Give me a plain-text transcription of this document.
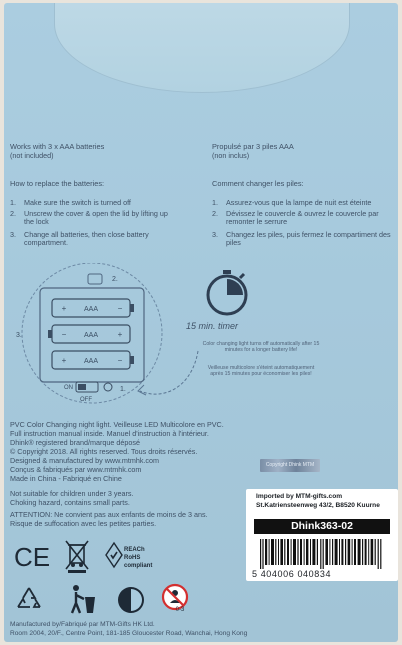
Works with 3 x AAA batteries
(not included)
How to replace the batteries:
1.	Make sure the switch is turned off
2.	Unscrew the cover & open the lid by lifting up the lock
3.	Change all batteries, then close battery compartment.
Propulsé par 3 piles AAA
(non inclus)
Comment changer les piles:
1.	Assurez-vous que la lampe de nuit est éteinte
2.	Dévissez le couvercle & ouvrez le couvercle par remonter le serrure
3.	Changez les piles, puis fermez le compartiment des piles
AAA
+	−
AAA
−	+
AAA
+	−
2.
3.
ON
OFF
1.
15 min. timer
Color changing light turns off automatically after 15 minutes for a longer battery life!
Veilleuse multicolore s'éteint automatiquement après 15 minutes pour économiser les piles!
PVC Color Changing night light. Veilleuse LED Multicolore en PVC.
Full instruction manual inside. Manuel d'instruction à l'intérieur.
Dhink® registered brand/marque déposé
© Copyright 2018. All rights reserved. Tous droits réservés.
Designed & manufactured by www.mtmhk.com
Conçus & fabriqués par www.mtmhk.com
Made in China - Fabriqué en Chine
Copyright Dhink MTM
Not suitable for children under 3 years.
Choking hazard, contains small parts.
ATTENTION: Ne convient pas aux enfants de moins de 3 ans.
Risque de suffocation avec les petites parties.
Imported by MTM-gifts.com
St.Katriensteenweg 43/2, B8520 Kuurne
Dhink363-02
5 404006 040834
CE	REACh
RoHS
compliant
0-3
Manufactured by/Fabriqué par MTM-Gifts HK Ltd.
Room 2004, 20/F., Centre Point, 181-185 Gloucester Road, Wanchai, Hong Kong
